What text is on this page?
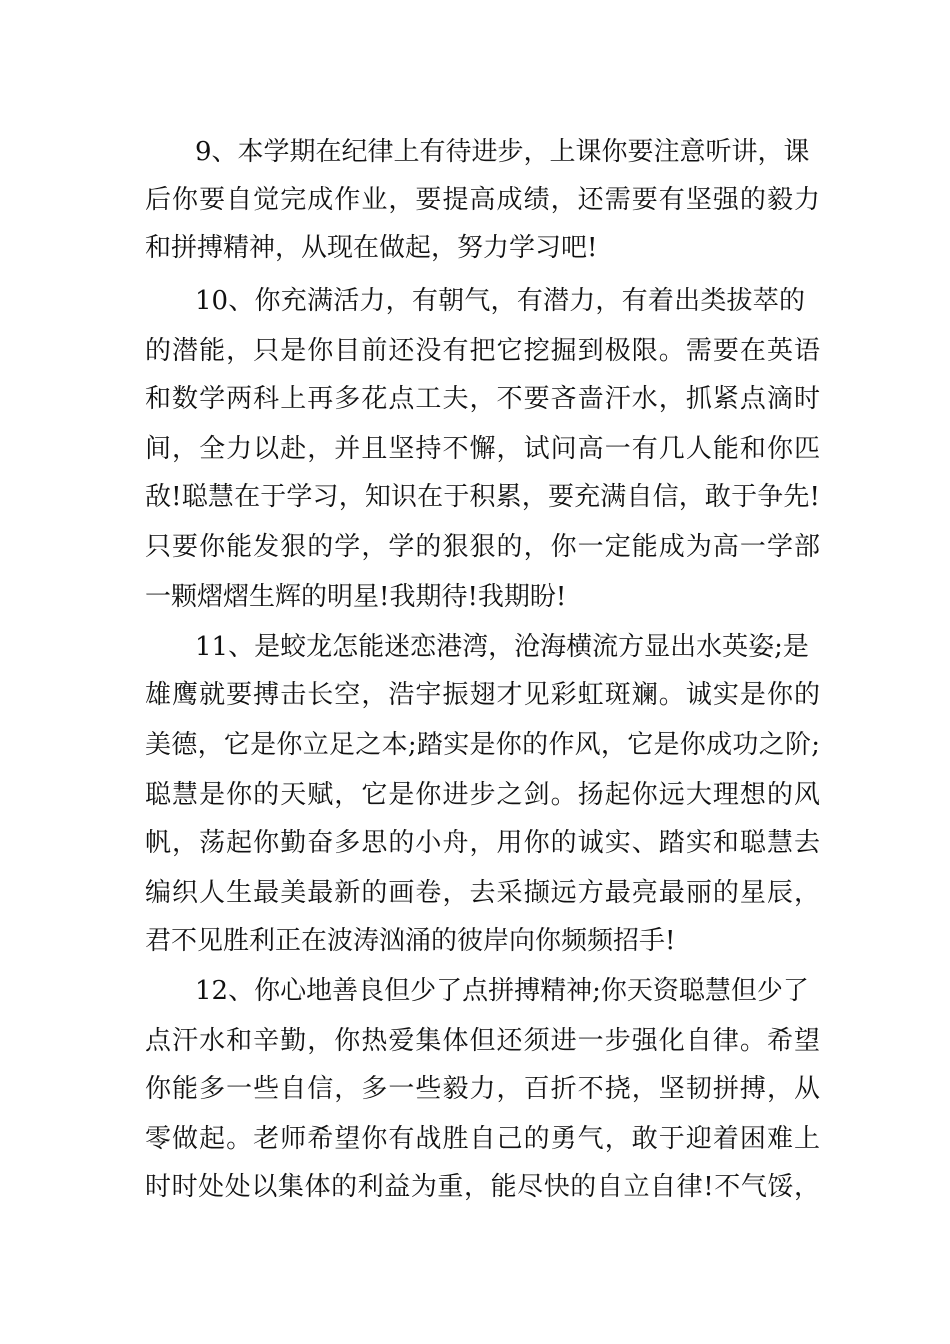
9、本学期在纪律上有待进步，上课你要注意听讲，课
后你要自觉完成作业，要提高成绩，还需要有坚强的毅力
和拼搏精神，从现在做起，努力学习吧!
10、你充满活力，有朝气，有潜力，有着出类拔萃的
的潜能，只是你目前还没有把它挖掘到极限。需要在英语
和数学两科上再多花点工夫，不要吝啬汗水，抓紧点滴时
间，全力以赴，并且坚持不懈，试问高一有几人能和你匹
敌!聪慧在于学习，知识在于积累，要充满自信，敢于争先!
只要你能发狠的学，学的狠狠的，你一定能成为高一学部
一颗熠熠生辉的明星!我期待!我期盼!
11、是蛟龙怎能迷恋港湾，沧海横流方显出水英姿;是
雄鹰就要搏击长空，浩宇振翅才见彩虹斑斓。诚实是你的
美德，它是你立足之本;踏实是你的作风，它是你成功之阶;
聪慧是你的天赋，它是你进步之剑。扬起你远大理想的风
帆，荡起你勤奋多思的小舟，用你的诚实、踏实和聪慧去
编织人生最美最新的画卷，去采撷远方最亮最丽的星辰，
君不见胜利正在波涛汹涌的彼岸向你频频招手!
12、你心地善良但少了点拼搏精神;你天资聪慧但少了
点汗水和辛勤，你热爱集体但还须进一步强化自律。希望
你能多一些自信，多一些毅力，百折不挠，坚韧拼搏，从
零做起。老师希望你有战胜自己的勇气，敢于迎着困难上
时时处处以集体的利益为重，能尽快的自立自律!不气馁，
